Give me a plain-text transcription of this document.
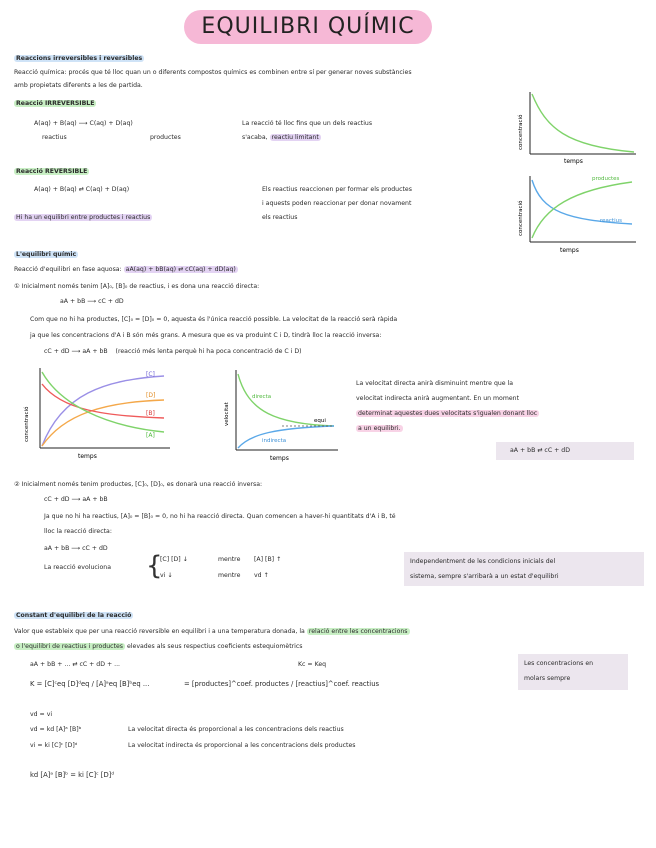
EQUILIBRI QUÍMIC
Reaccions irreversibles i reversibles
Reacció química: procés que té lloc quan un o diferents compostos químics es combinen entre sí per generar noves substàncies
amb propietats diferents a les de partida.
Reacció IRREVERSIBLE
A(aq) + B(aq) ⟶ C(aq) + D(aq)
reactius	productes
La reacció té lloc fins que un dels reactius
s'acaba, reactiu limitant	concentració
temps
Reacció REVERSIBLE
A(aq) + B(aq) ⇄ C(aq) + D(aq)	Els reactius reaccionen per formar els productes
i aquests poden reaccionar per donar novament
els reactius
Hi ha un equilibri entre productes i reactius
productes
reactius
concentració
temps
L'equilibri químic
Reacció d'equilibri en fase aquosa: aA(aq) + bB(aq) ⇄ cC(aq) + dD(aq)
① Inicialment només tenim [A]₀, [B]₀ de reactius, i es dona una reacció directa:
aA + bB ⟶ cC + dD
Com que no hi ha productes, [C]₀ = [D]₀ = 0, aquesta és l'única reacció possible. La velocitat de la reacció serà ràpida
ja que les concentracions d'A i B són més grans. A mesura que es va produint C i D, tindrà lloc la reacció inversa:
cC + dD ⟶ aA + bB (reacció més lenta perquè hi ha poca concentració de C i D)
[C]
[D]
[B]
[A]
concentració
temps
directa
equi
indirecta
velocitat
temps
La velocitat directa anirà disminuint mentre que la
velocitat indirecta anirà augmentant. En un moment
determinat aquestes dues velocitats s'igualen donant lloc
a un equilibri.
aA + bB ⇄ cC + dD
② Inicialment només tenim productes, [C]₀, [D]₀, es donarà una reacció inversa:
cC + dD ⟶ aA + bB
Ja que no hi ha reactius, [A]₀ = [B]₀ = 0, no hi ha reacció directa. Quan comencen a haver-hi quantitats d'A i B, té
lloc la reacció directa:
aA + bB ⟶ cC + dD
La reacció evoluciona {
[C] [D] ↓	mentre [A] [B] ↑
vi ↓	mentre vd ↑
Independentment de les condicions inicials del
sistema, sempre s'arribarà a un estat d'equilibri
Constant d'equilibri de la reacció
Valor que estableix que per una reacció reversible en equilibri i a una temperatura donada, la relació entre les concentracions
o l'equilibri de reactius i productes elevades als seus respectius coeficients estequiomètrics
aA + bB + ... ⇄ cC + dD + ...	Kc = Keq	Les concentracions en
molars sempre
K = [C]ᶜeq [D]ᵈeq / [A]ᵃeq [B]ᵇeq ...	= [productes]^coef. productes / [reactius]^coef. reactius
vd = vi
vd = kd [A]ᵃ [B]ᵇ	La velocitat directa és proporcional a les concentracions dels reactius
vi = ki [C]ᶜ [D]ᵈ	La velocitat indirecta és proporcional a les concentracions dels productes
kd [A]ᵃ [B]ᵇ = ki [C]ᶜ [D]ᵈ
